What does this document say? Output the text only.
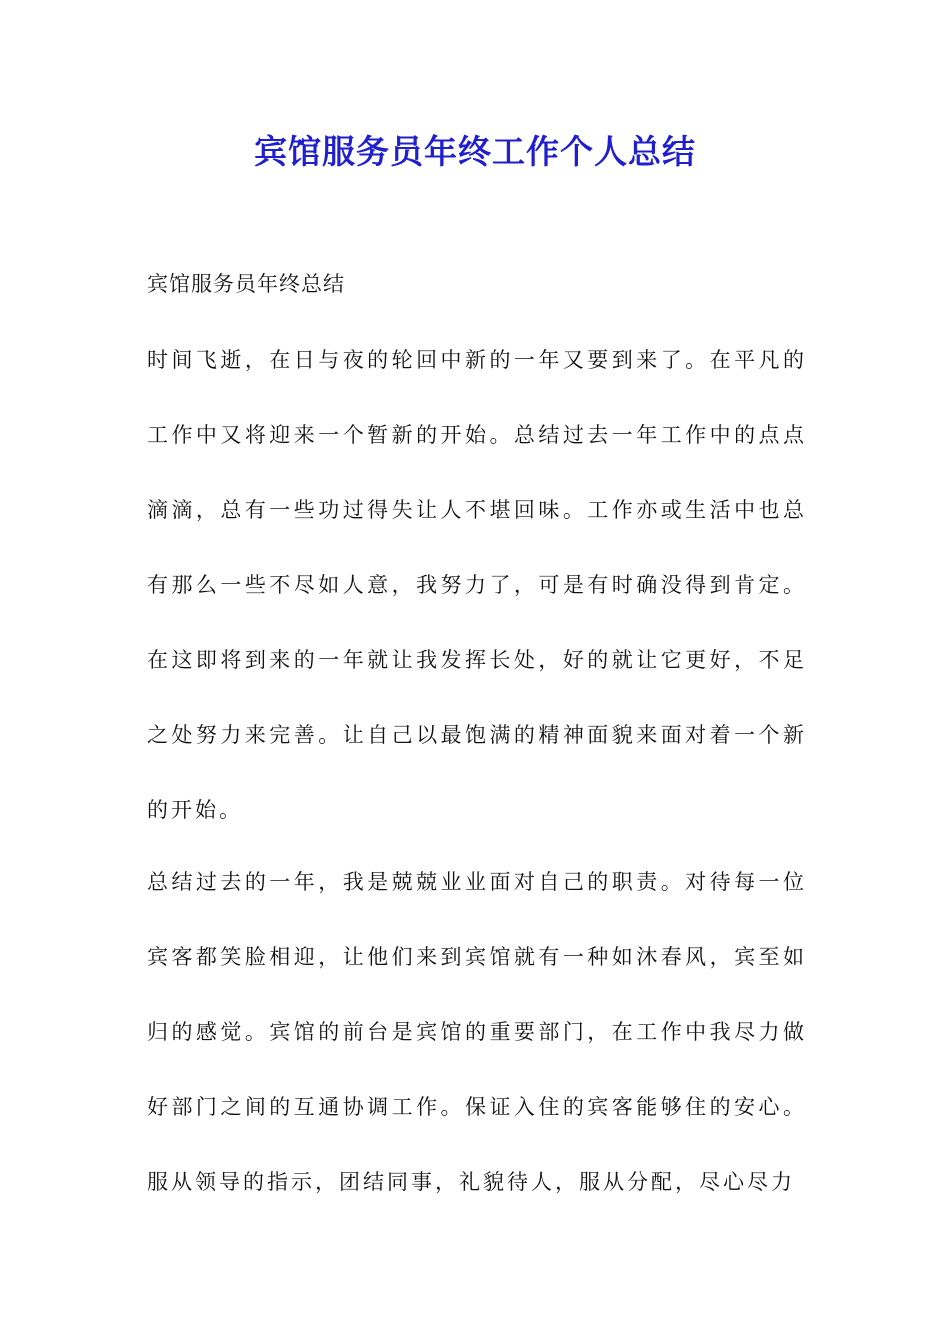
宾馆服务员年终工作个人总结
宾馆服务员年终总结

时间飞逝，在日与夜的轮回中新的一年又要到来了。在平凡的工作中又将迎来一个暂新的开始。总结过去一年工作中的点点滴滴，总有一些功过得失让人不堪回味。工作亦或生活中也总有那么一些不尽如人意，我努力了，可是有时确没得到肯定。在这即将到来的一年就让我发挥长处，好的就让它更好，不足之处努力来完善。让自己以最饱满的精神面貌来面对着一个新的开始。

总结过去的一年，我是兢兢业业面对自己的职责。对待每一位宾客都笑脸相迎，让他们来到宾馆就有一种如沐春风，宾至如归的感觉。宾馆的前台是宾馆的重要部门，在工作中我尽力做好部门之间的互通协调工作。保证入住的宾客能够住的安心。服从领导的指示，团结同事，礼貌待人，服从分配，尽心尽力
